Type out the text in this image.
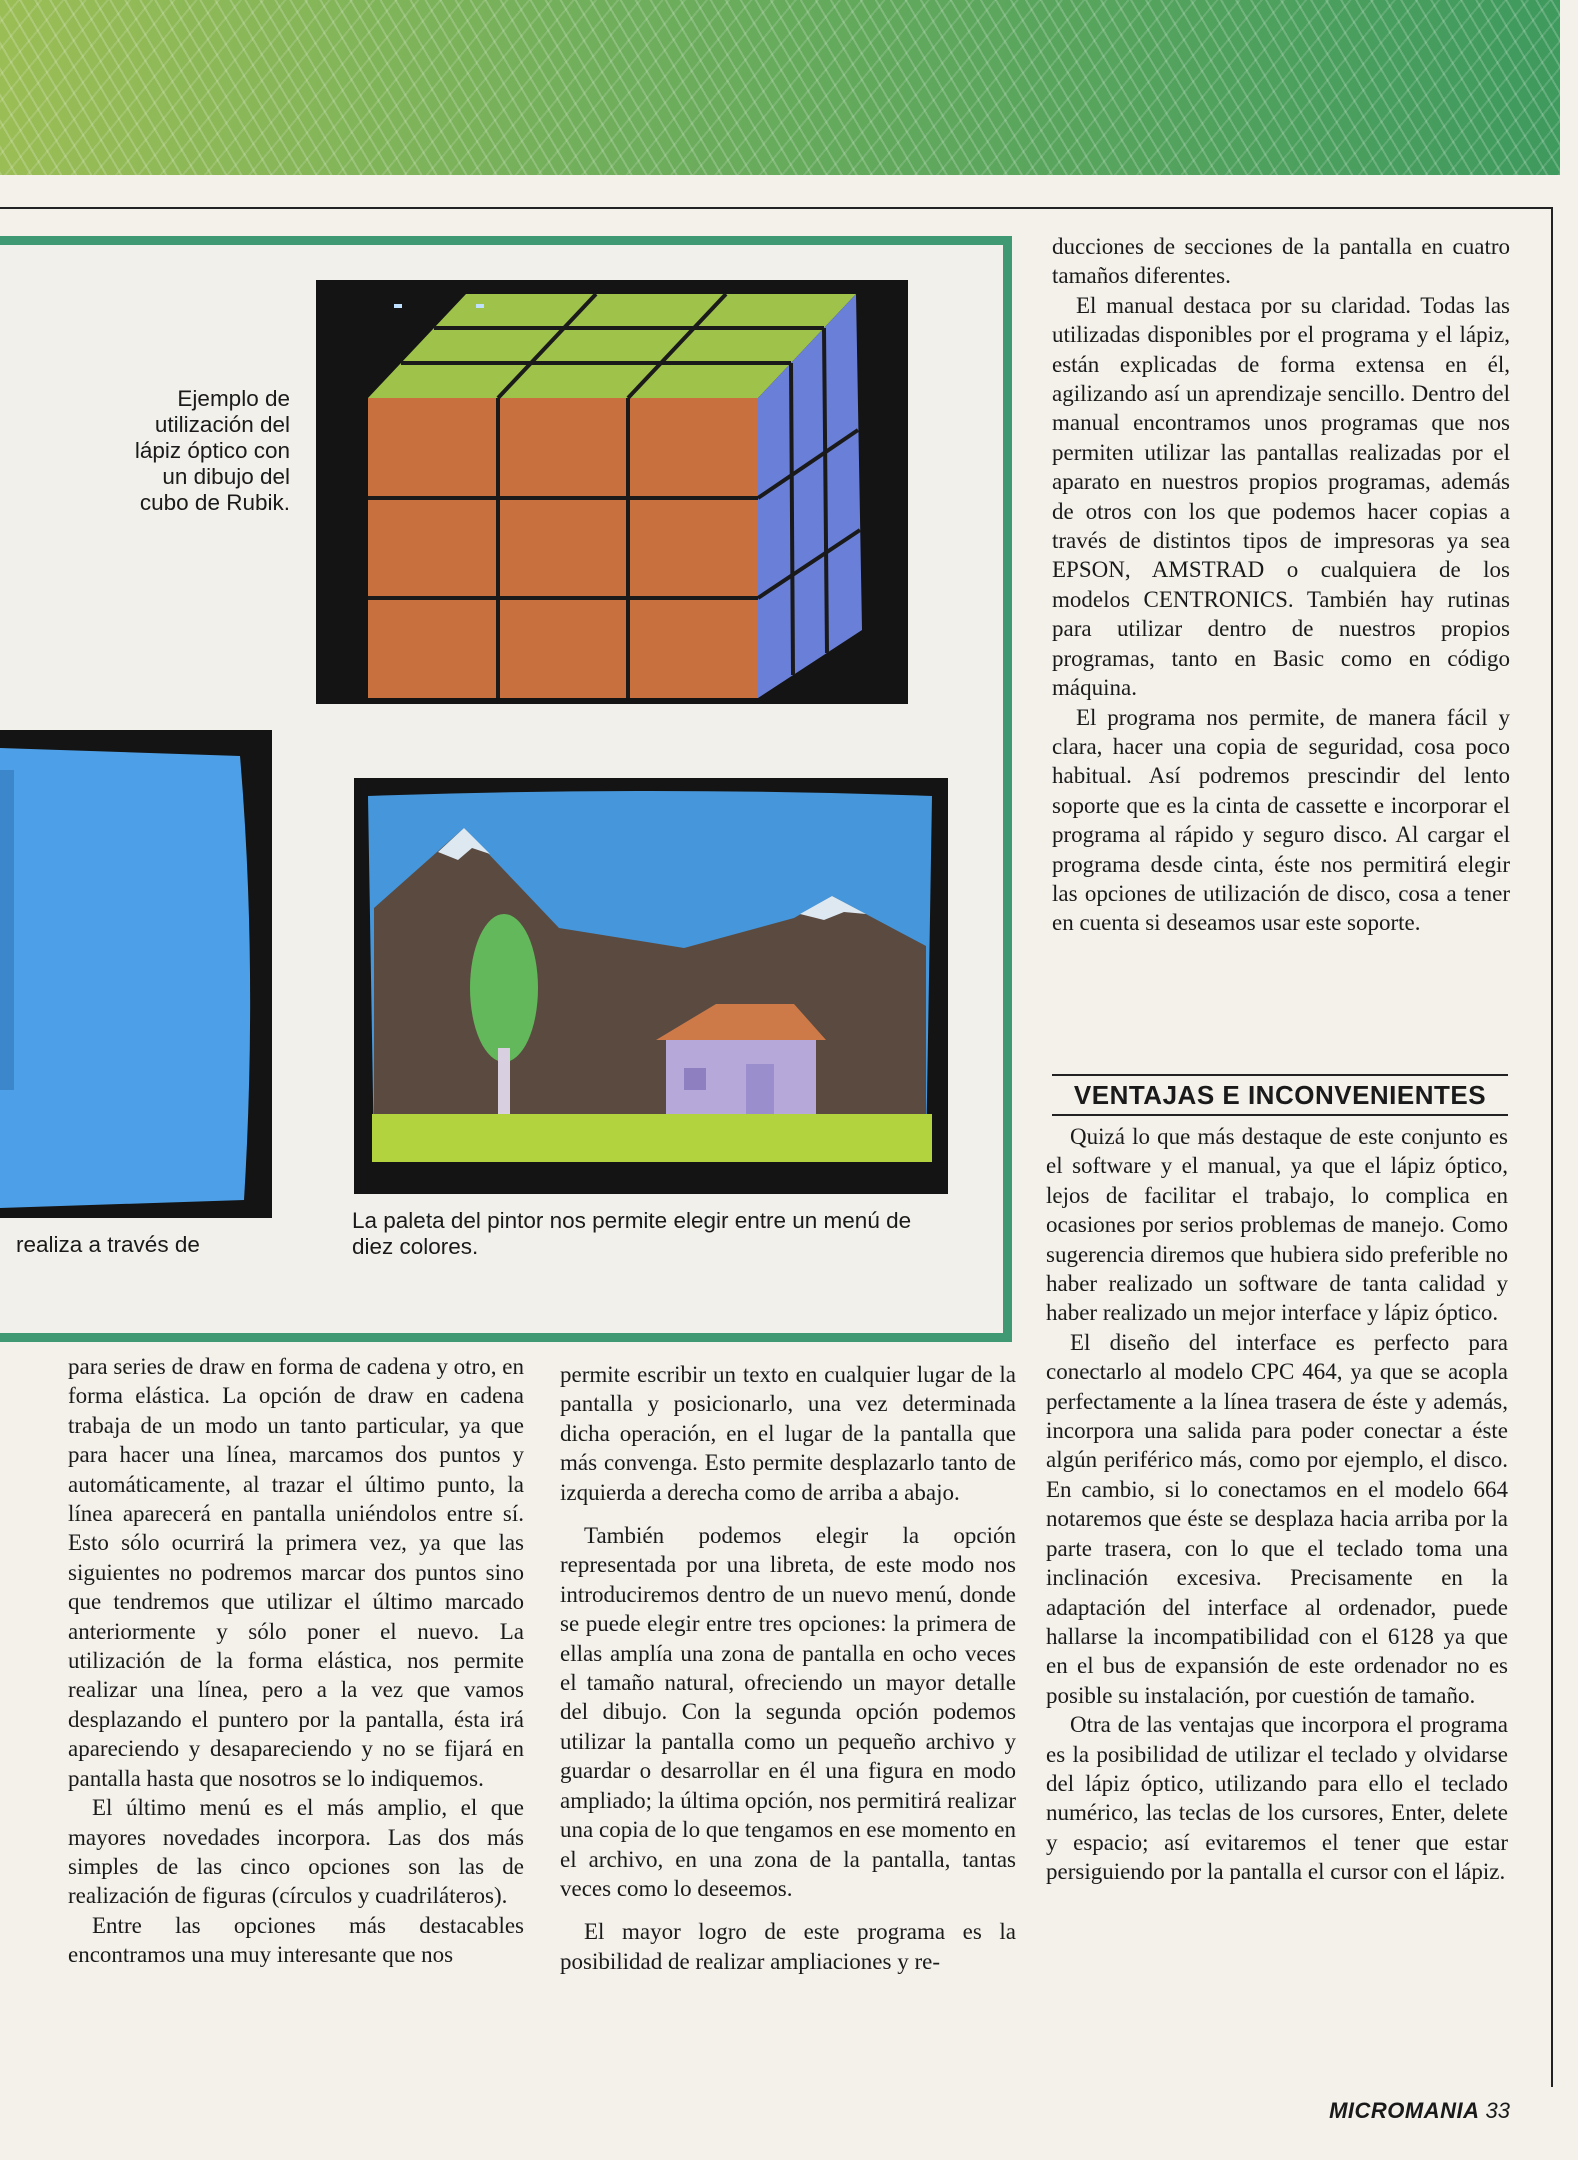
Ejemplo de utilización del lápiz óptico con un dibujo del cubo de Rubik.
realiza a través de
La paleta del pintor nos permite elegir entre un menú de diez colores.

para series de draw en forma de cadena y otro, en forma elástica. La opción de draw en cadena trabaja de un modo un tanto particular, ya que para hacer una línea, marcamos dos puntos y automáticamente, al trazar el último punto, la línea aparecerá en pantalla uniéndolos entre sí. Esto sólo ocurrirá la primera vez, ya que las siguientes no podremos marcar dos puntos sino que tendremos que utilizar el último marcado anteriormente y sólo poner el nuevo. La utilización de la forma elástica, nos permite realizar una línea, pero a la vez que vamos desplazando el puntero por la pantalla, ésta irá apareciendo y desapareciendo y no se fijará en pantalla hasta que nosotros se lo indiquemos.

El último menú es el más amplio, el que mayores novedades incorpora. Las dos más simples de las cinco opciones son las de realización de figuras (círculos y cuadriláteros).

Entre las opciones más destacables encontramos una muy interesante que nos

permite escribir un texto en cualquier lugar de la pantalla y posicionarlo, una vez determinada dicha operación, en el lugar de la pantalla que más convenga. Esto permite desplazarlo tanto de izquierda a derecha como de arriba a abajo.

También podemos elegir la opción representada por una libreta, de este modo nos introduciremos dentro de un nuevo menú, donde se puede elegir entre tres opciones: la primera de ellas amplía una zona de pantalla en ocho veces el tamaño natural, ofreciendo un mayor detalle del dibujo. Con la segunda opción podemos utilizar la pantalla como un pequeño archivo y guardar o desarrollar en él una figura en modo ampliado; la última opción, nos permitirá realizar una copia de lo que tengamos en ese momento en el archivo, en una zona de la pantalla, tantas veces como lo deseemos.

El mayor logro de este programa es la posibilidad de realizar ampliaciones y re-

ducciones de secciones de la pantalla en cuatro tamaños diferentes.

El manual destaca por su claridad. Todas las utilizadas disponibles por el programa y el lápiz, están explicadas de forma extensa en él, agilizando así un aprendizaje sencillo. Dentro del manual encontramos unos programas que nos permiten utilizar las pantallas realizadas por el aparato en nuestros propios programas, además de otros con los que podemos hacer copias a través de distintos tipos de impresoras ya sea EPSON, AMSTRAD o cualquiera de los modelos CENTRONICS. También hay rutinas para utilizar dentro de nuestros propios programas, tanto en Basic como en código máquina.

El programa nos permite, de manera fácil y clara, hacer una copia de seguridad, cosa poco habitual. Así podremos prescindir del lento soporte que es la cinta de cassette e incorporar el programa al rápido y seguro disco. Al cargar el programa desde cinta, éste nos permitirá elegir las opciones de utilización de disco, cosa a tener en cuenta si deseamos usar este soporte.

VENTAJAS E INCONVENIENTES

Quizá lo que más destaque de este conjunto es el software y el manual, ya que el lápiz óptico, lejos de facilitar el trabajo, lo complica en ocasiones por serios problemas de manejo. Como sugerencia diremos que hubiera sido preferible no haber realizado un software de tanta calidad y haber realizado un mejor interface y lápiz óptico.

El diseño del interface es perfecto para conectarlo al modelo CPC 464, ya que se acopla perfectamente a la línea trasera de éste y además, incorpora una salida para poder conectar a éste algún periférico más, como por ejemplo, el disco. En cambio, si lo conectamos en el modelo 664 notaremos que éste se desplaza hacia arriba por la parte trasera, con lo que el teclado toma una inclinación excesiva. Precisamente en la adaptación del interface al ordenador, puede hallarse la incompatibilidad con el 6128 ya que en el bus de expansión de este ordenador no es posible su instalación, por cuestión de tamaño.

Otra de las ventajas que incorpora el programa es la posibilidad de utilizar el teclado y olvidarse del lápiz óptico, utilizando para ello el teclado numérico, las teclas de los cursores, Enter, delete y espacio; así evitaremos el tener que estar persiguiendo por la pantalla el cursor con el lápiz.

MICROMANIA 33
